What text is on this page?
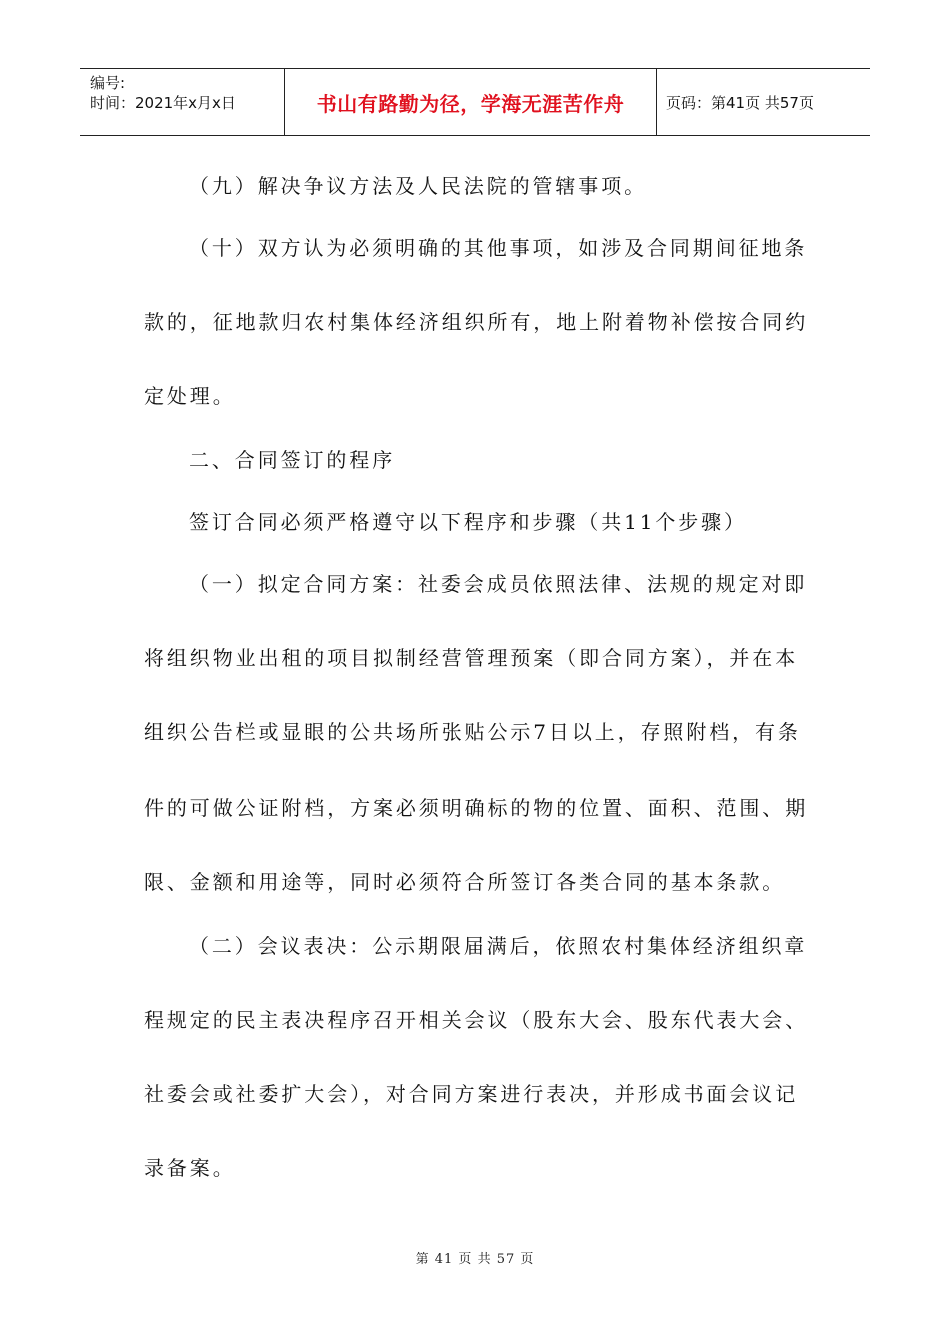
编号:
时间：2021年x月x日	书山有路勤为径，学海无涯苦作舟	页码：第41页 共57页
（九）解决争议方法及人民法院的管辖事项。
（十）双方认为必须明确的其他事项，如涉及合同期间征地条
款的，征地款归农村集体经济组织所有，地上附着物补偿按合同约
定处理。
二、合同签订的程序
签订合同必须严格遵守以下程序和步骤（共11个步骤）
（一）拟定合同方案：社委会成员依照法律、法规的规定对即
将组织物业出租的项目拟制经营管理预案（即合同方案），并在本
组织公告栏或显眼的公共场所张贴公示7日以上，存照附档，有条
件的可做公证附档，方案必须明确标的物的位置、面积、范围、期
限、金额和用途等，同时必须符合所签订各类合同的基本条款。
（二）会议表决：公示期限届满后，依照农村集体经济组织章
程规定的民主表决程序召开相关会议（股东大会、股东代表大会、
社委会或社委扩大会），对合同方案进行表决，并形成书面会议记
录备案。
第 41 页 共 57 页
